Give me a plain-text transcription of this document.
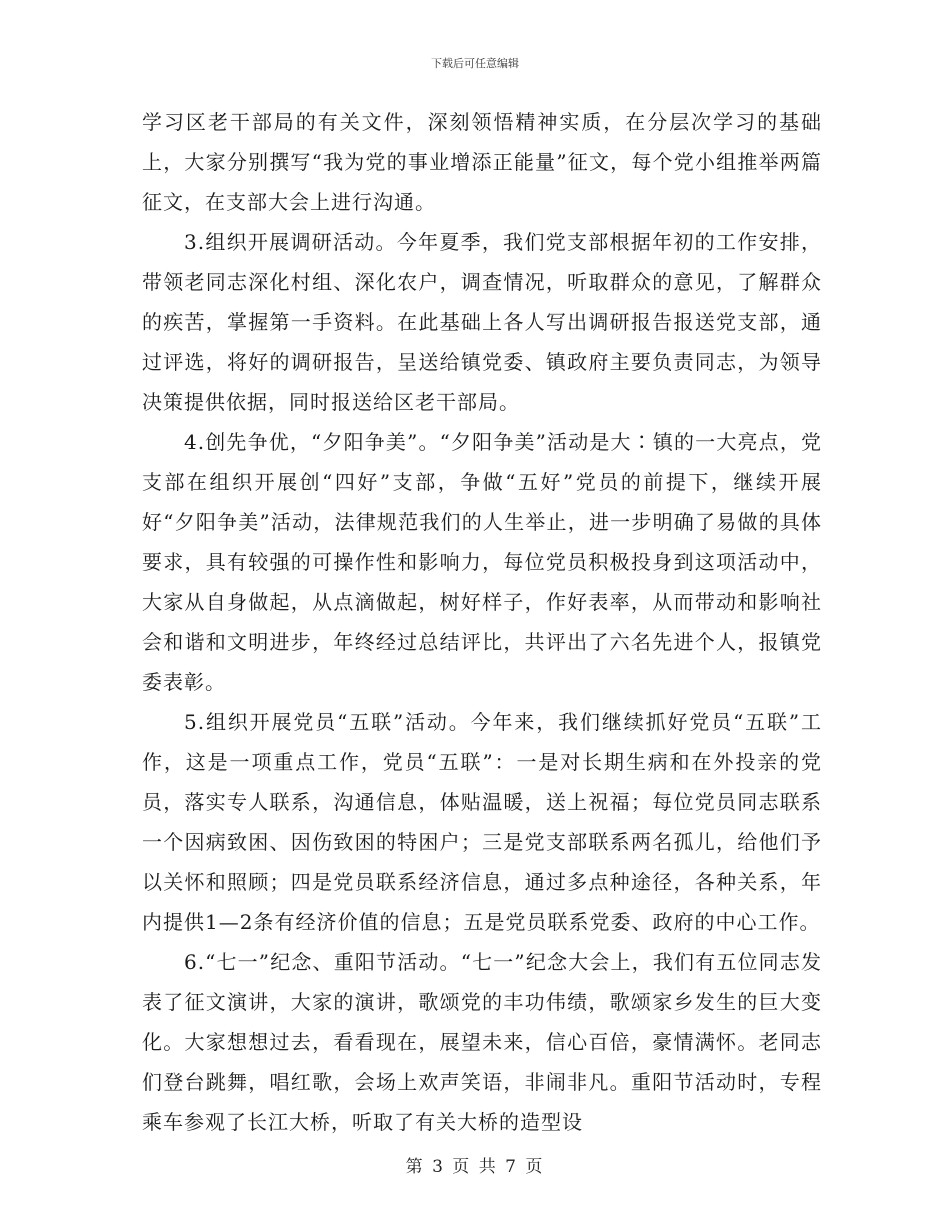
下载后可任意编辑

学习区老干部局的有关文件，深刻领悟精神实质，在分层次学习的基础上，大家分别撰写“我为党的事业增添正能量”征文，每个党小组推举两篇征文，在支部大会上进行沟通。

3.组织开展调研活动。今年夏季，我们党支部根据年初的工作安排，带领老同志深化村组、深化农户，调查情况，听取群众的意见，了解群众的疾苦，掌握第一手资料。在此基础上各人写出调研报告报送党支部，通过评选，将好的调研报告，呈送给镇党委、镇政府主要负责同志，为领导决策提供依据，同时报送给区老干部局。

4.创先争优，“夕阳争美”。“夕阳争美”活动是大∶镇的一大亮点，党支部在组织开展创“四好”支部，争做“五好”党员的前提下，继续开展好“夕阳争美”活动，法律规范我们的人生举止，进一步明确了易做的具体要求，具有较强的可操作性和影响力，每位党员积极投身到这项活动中，大家从自身做起，从点滴做起，树好样子，作好表率，从而带动和影响社会和谐和文明进步，年终经过总结评比，共评出了六名先进个人，报镇党委表彰。

5.组织开展党员“五联”活动。今年来，我们继续抓好党员“五联”工作，这是一项重点工作，党员“五联”：一是对长期生病和在外投亲的党员，落实专人联系，沟通信息，体贴温暖，送上祝福；每位党员同志联系一个因病致困、因伤致困的特困户；三是党支部联系两名孤儿，给他们予以关怀和照顾；四是党员联系经济信息，通过多点种途径，各种关系，年内提供1—2条有经济价值的信息；五是党员联系党委、政府的中心工作。

6.“七一”纪念、重阳节活动。“七一”纪念大会上，我们有五位同志发表了征文演讲，大家的演讲，歌颂党的丰功伟绩，歌颂家乡发生的巨大变化。大家想想过去，看看现在，展望未来，信心百倍，豪情满怀。老同志们登台跳舞，唱红歌，会场上欢声笑语，非闹非凡。重阳节活动时，专程乘车参观了长江大桥，听取了有关大桥的造型设

第 3 页 共 7 页
